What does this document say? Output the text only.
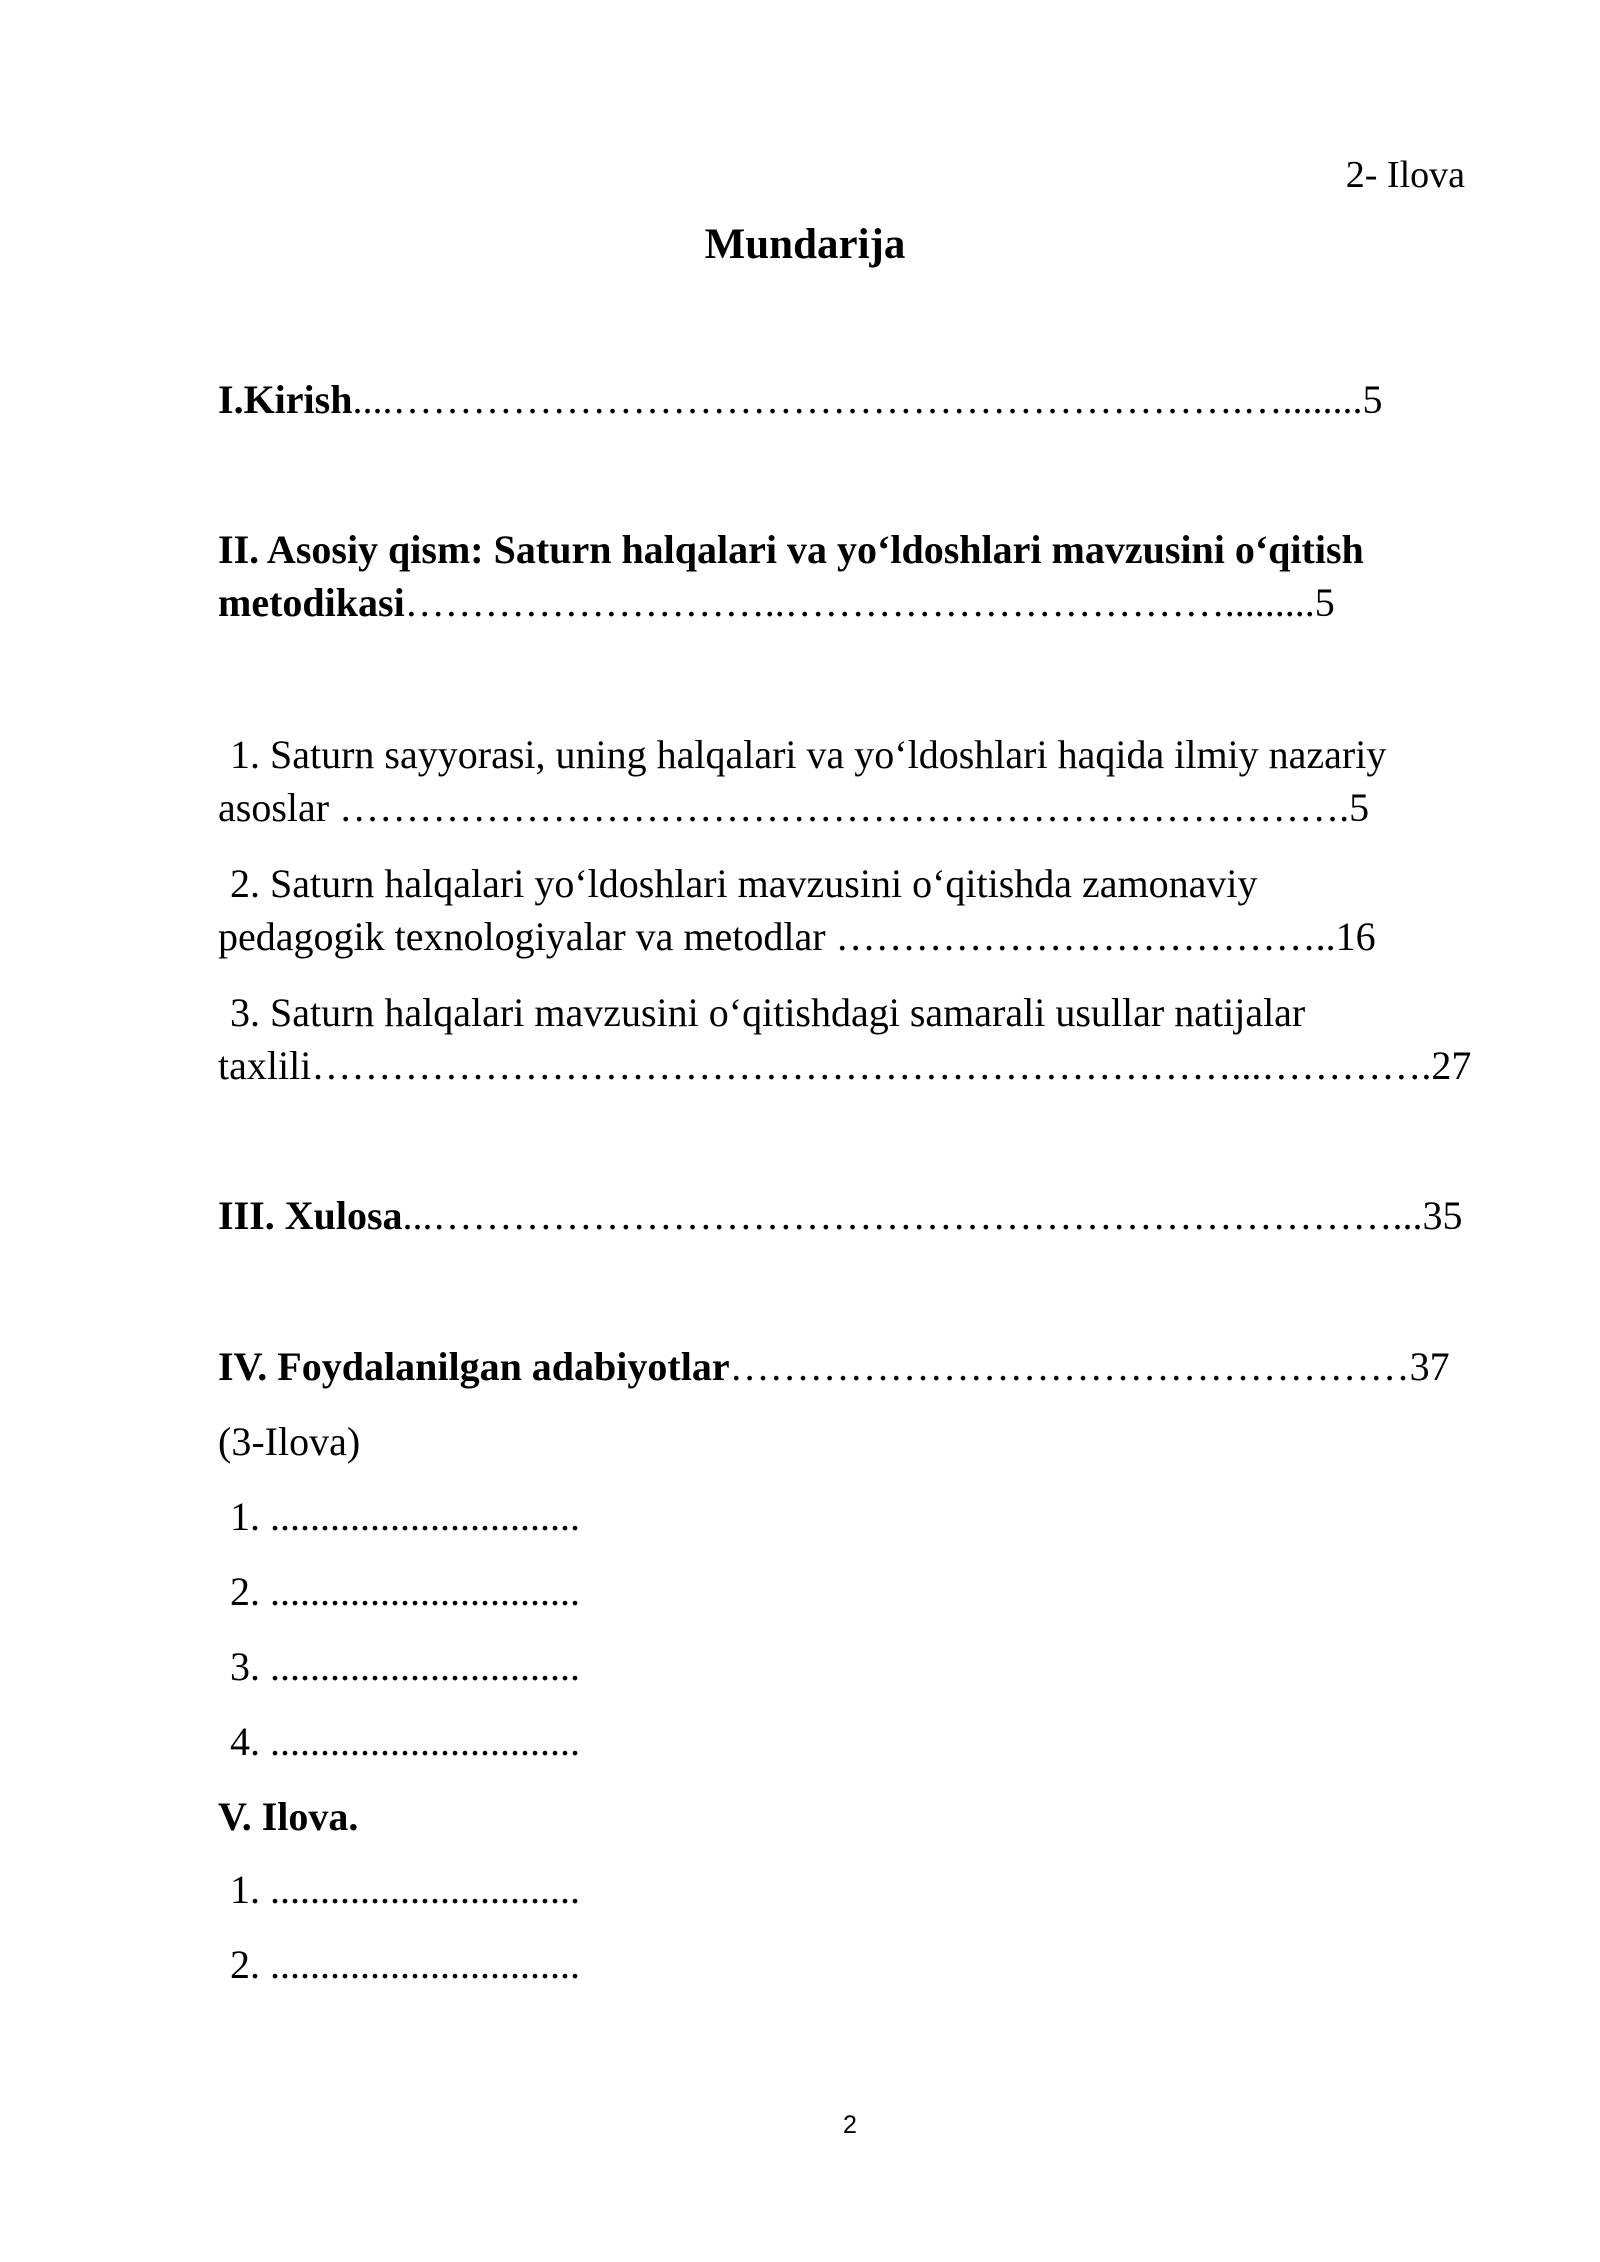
2- Ilova
Mundarija
I.Kirish....……………………………………………………….…........5
II. Asosiy qism: Saturn halqalari va yoʻldoshlari mavzusini oʻqitish
metodikasi………………………..…………………………….........5
1. Saturn sayyorasi, uning halqalari va yoʻldoshlari haqida ilmiy nazariy
asoslar ………………………………………………………………….5
2. Saturn halqalari yoʻldoshlari mavzusini oʻqitishda zamonaviy
pedagogik texnologiyalar va metodlar ………………………………..16
3. Saturn halqalari mavzusini oʻqitishdagi samarali usullar natijalar
taxlili……………………………………………………………...………….27
III. Xulosa...………………………………………………………………...35
IV. Foydalanilgan adabiyotlar……………………………………………37
(3-Ilova)
1. ...............................
2. ...............................
3. ...............................
4. ...............................
V. Ilova.
1. ...............................
2. ...............................
2
